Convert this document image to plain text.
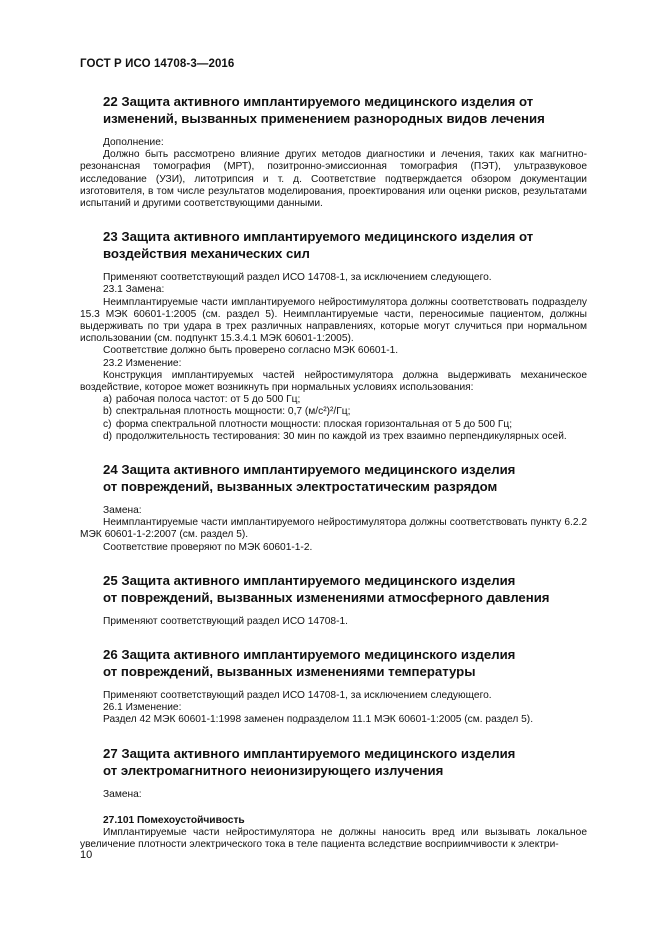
ГОСТ Р ИСО 14708-3—2016
22 Защита активного имплантируемого медицинского изделия от
изменений, вызванных применением разнородных видов лечения

Дополнение:

Должно быть рассмотрено влияние других методов диагностики и лечения, таких как магнитно-резонансная томография (МРТ), позитронно-эмиссионная томография (ПЭТ), ультразвуковое исследование (УЗИ), литотрипсия и т. д. Соответствие подтверждается обзором документации изготовителя, в том числе результатов моделирования, проектирования или оценки рисков, результатами испытаний и другими соответствующими данными.

23 Защита активного имплантируемого медицинского изделия от
воздействия механических сил

Применяют соответствующий раздел ИСО 14708-1, за исключением следующего.

23.1 Замена:

Неимплантируемые части имплантируемого нейростимулятора должны соответствовать подразделу 15.3 МЭК 60601-1:2005 (см. раздел 5). Неимплантируемые части, переносимые пациентом, должны выдерживать по три удара в трех различных направлениях, которые могут случиться при нормальном использовании (см. подпункт 15.3.4.1 МЭК 60601-1:2005).

Соответствие должно быть проверено согласно МЭК 60601-1.

23.2 Изменение:

Конструкция имплантируемых частей нейростимулятора должна выдерживать механическое воздействие, которое может возникнуть при нормальных условиях использования:

a) рабочая полоса частот: от 5 до 500 Гц;

b) спектральная плотность мощности: 0,7 (м/с²)²/Гц;

c) форма спектральной плотности мощности: плоская горизонтальная от 5 до 500 Гц;

d) продолжительность тестирования: 30 мин по каждой из трех взаимно перпендикулярных осей.

24 Защита активного имплантируемого медицинского изделия
от повреждений, вызванных электростатическим разрядом

Замена:

Неимплантируемые части имплантируемого нейростимулятора должны соответствовать пункту 6.2.2 МЭК 60601-1-2:2007 (см. раздел 5).

Соответствие проверяют по МЭК 60601-1-2.

25 Защита активного имплантируемого медицинского изделия
от повреждений, вызванных изменениями атмосферного давления

Применяют соответствующий раздел ИСО 14708-1.

26 Защита активного имплантируемого медицинского изделия
от повреждений, вызванных изменениями температуры

Применяют соответствующий раздел ИСО 14708-1, за исключением следующего.

26.1 Изменение:

Раздел 42 МЭК 60601-1:1998 заменен подразделом 11.1 МЭК 60601-1:2005 (см. раздел 5).

27 Защита активного имплантируемого медицинского изделия
от электромагнитного неионизирующего излучения

Замена:

27.101 Помехоустойчивость

Имплантируемые части нейростимулятора не должны наносить вред или вызывать локальное увеличение плотности электрического тока в теле пациента вследствие восприимчивости к электри-

10
